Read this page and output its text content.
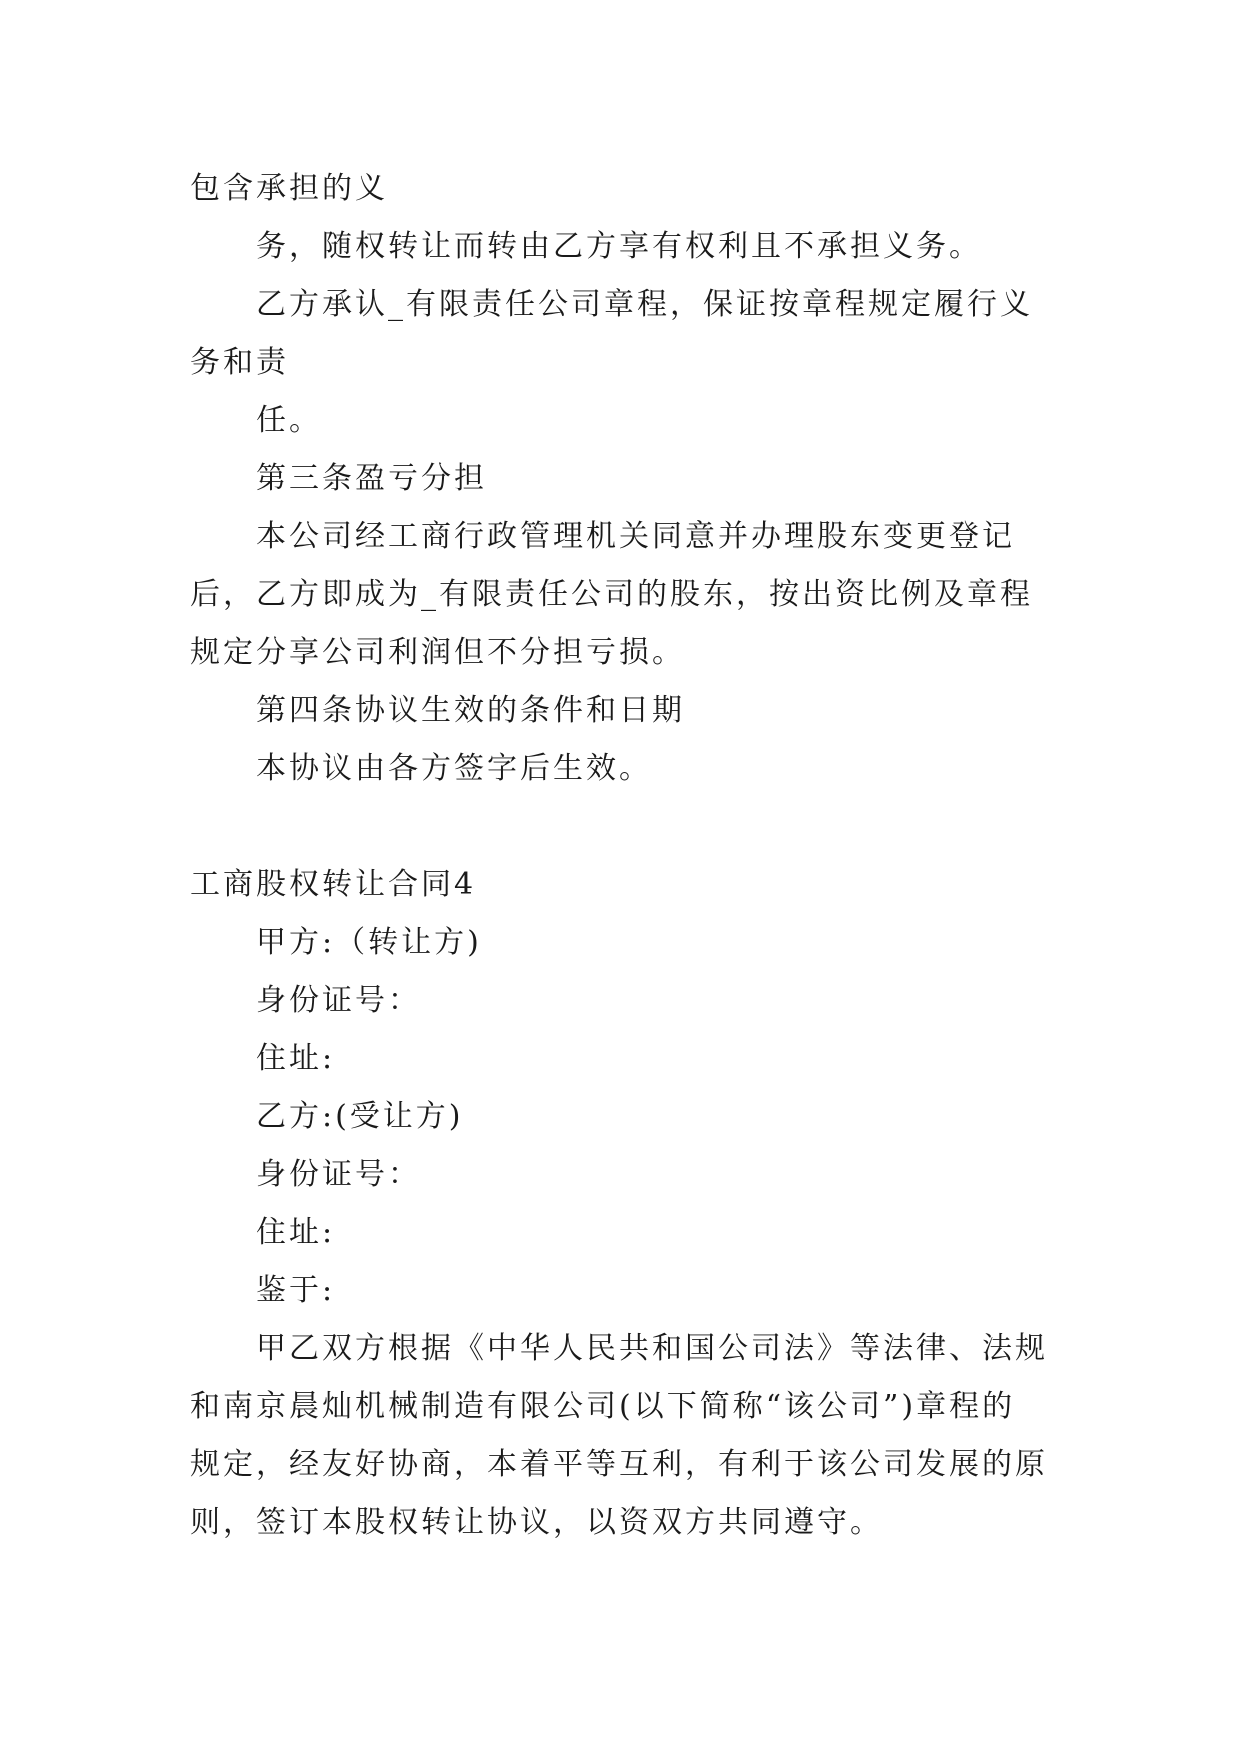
包含承担的义

务，随权转让而转由乙方享有权利且不承担义务。

乙方承认_有限责任公司章程，保证按章程规定履行义

务和责

任。

第三条盈亏分担

本公司经工商行政管理机关同意并办理股东变更登记

后，乙方即成为_有限责任公司的股东，按出资比例及章程

规定分享公司利润但不分担亏损。

第四条协议生效的条件和日期

本协议由各方签字后生效。

工商股权转让合同4

甲方:（转让方)

身份证号：

住址:

乙方:(受让方)

身份证号：

住址:

鉴于:

甲乙双方根据《中华人民共和国公司法》等法律、法规

和南京晨灿机械制造有限公司(以下简称“该公司”)章程的

规定，经友好协商，本着平等互利，有利于该公司发展的原

则，签订本股权转让协议，以资双方共同遵守。
